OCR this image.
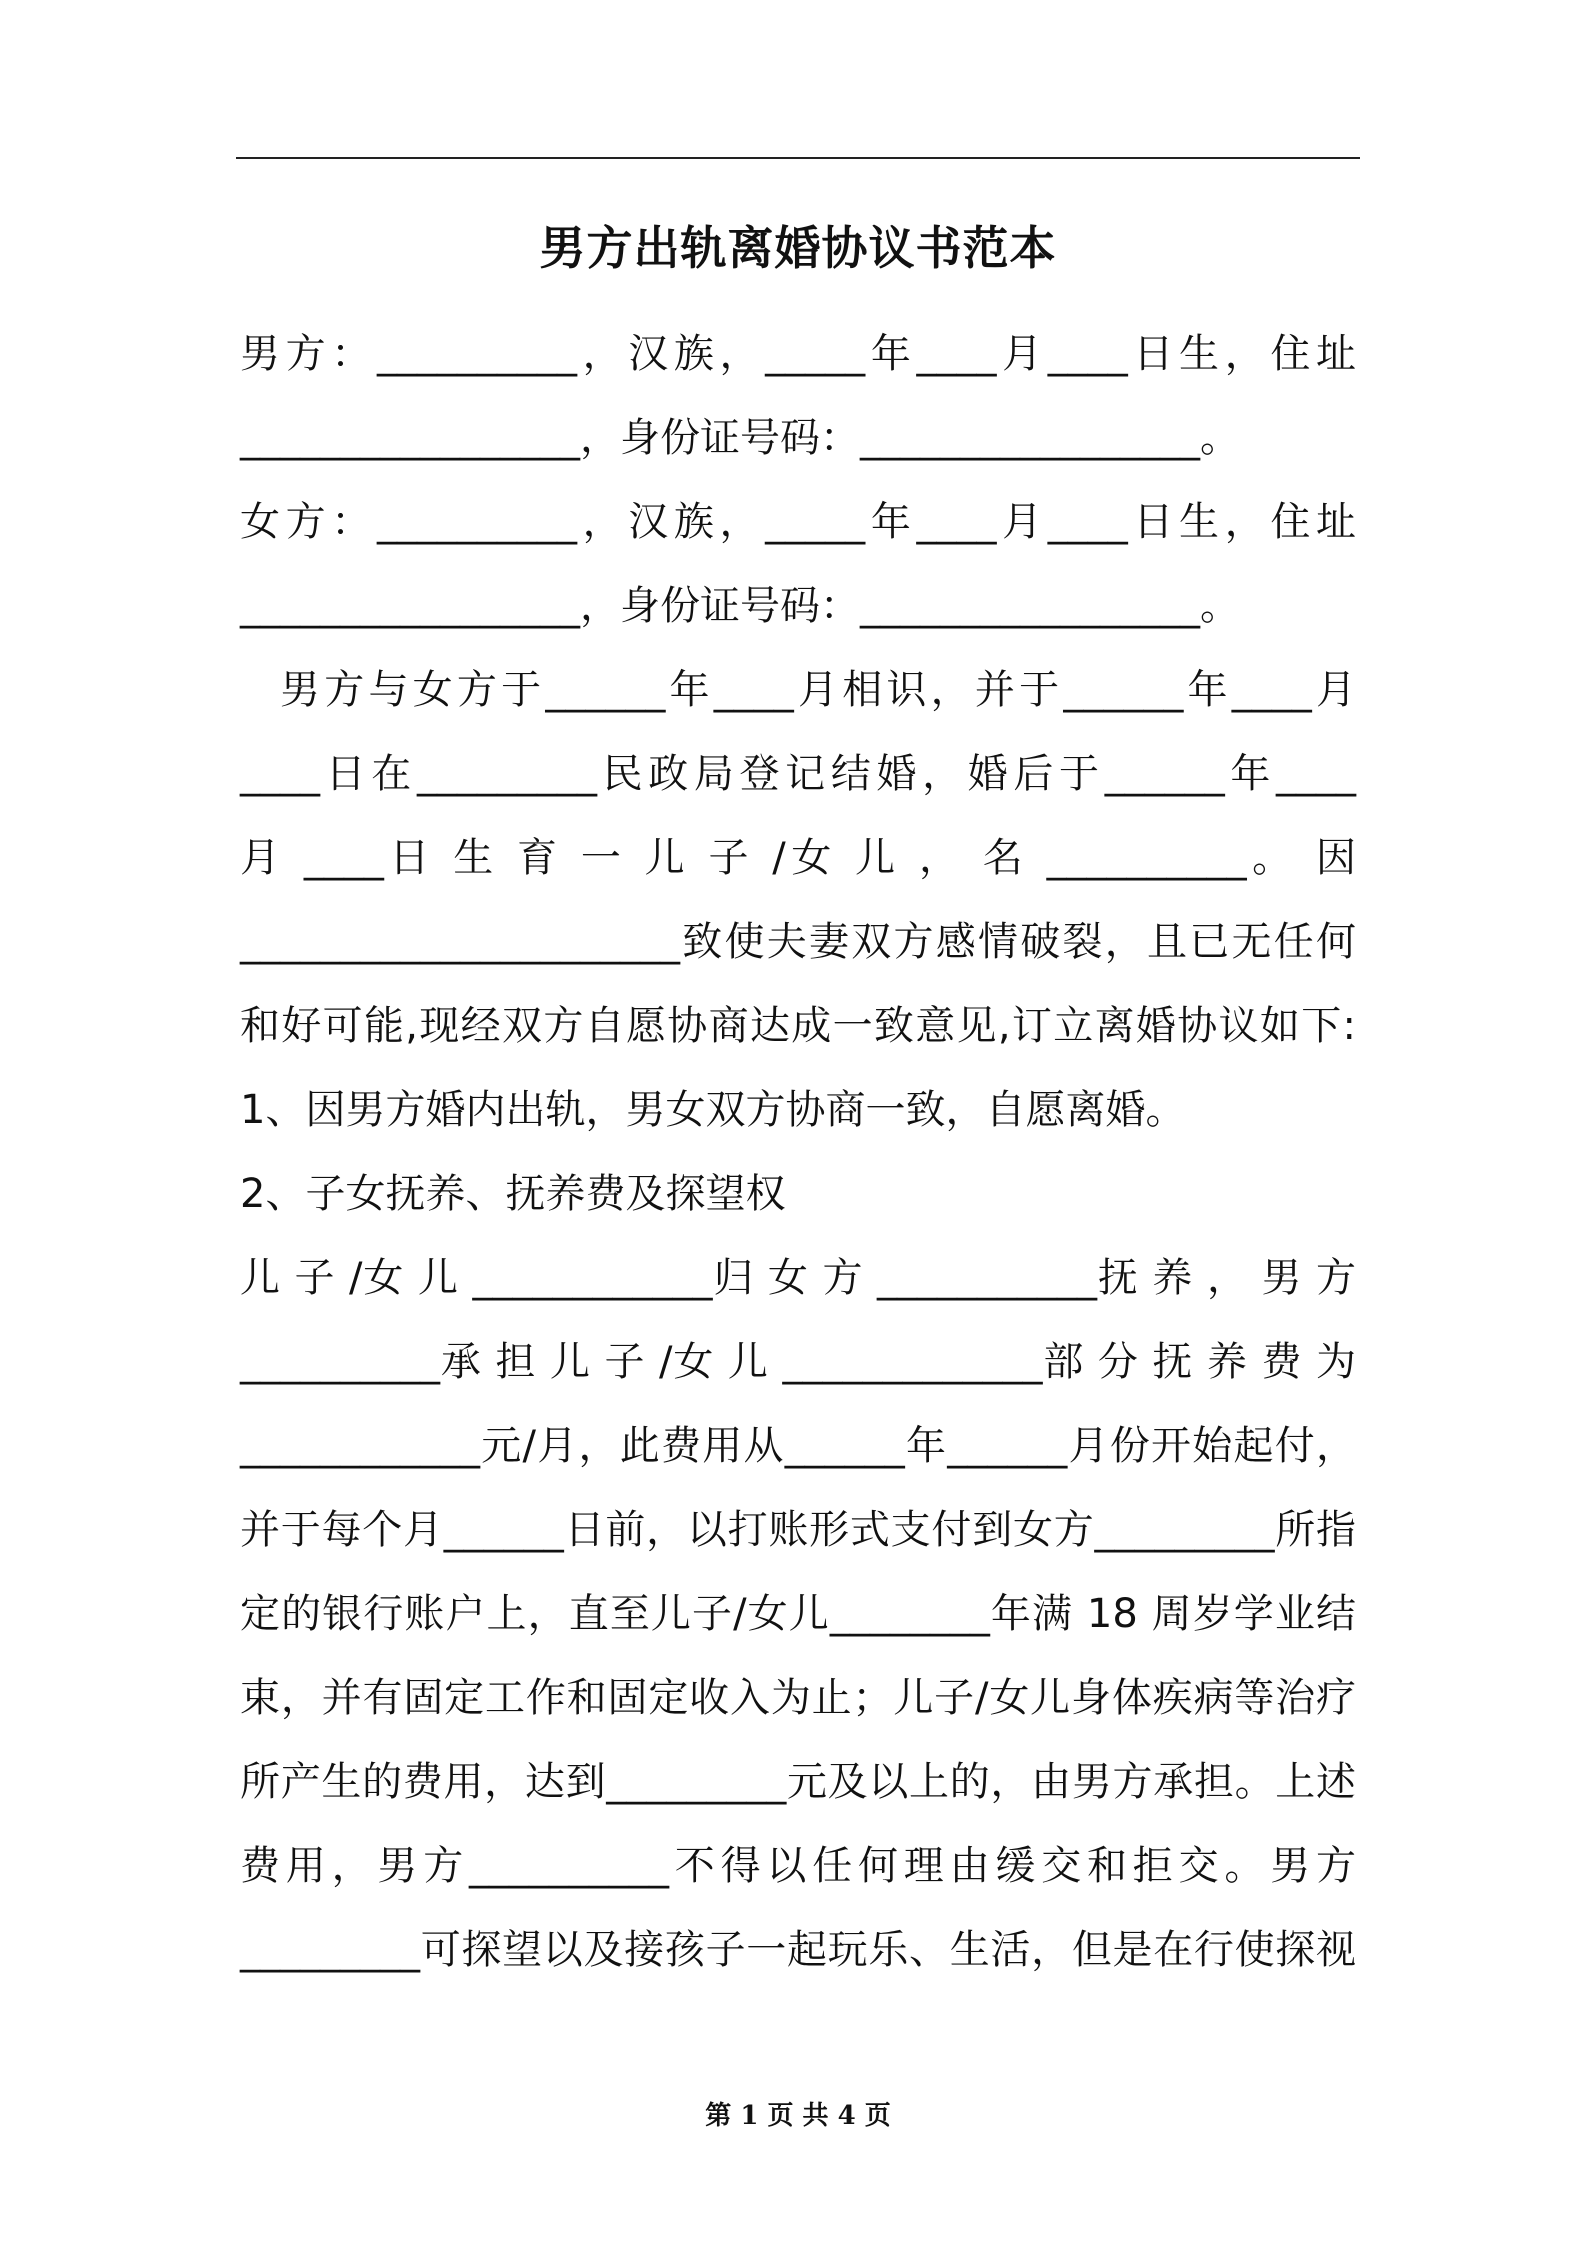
男方出轨离婚协议书范本
男方：__________，汉族，_____年____月____日生，住址
_________________，身份证号码：_________________。
女方：__________，汉族，_____年____月____日生，住址
_________________，身份证号码：_________________。
男方与女方于______年____月相识，并于______年____月
____日在_________民政局登记结婚，婚后于______年____
月 ____日 生 育 一 儿 子 /女 儿 ， 名 __________。 因
______________________致使夫妻双方感情破裂，且已无任何
和好可能,现经双方自愿协商达成一致意见,订立离婚协议如下:
1、因男方婚内出轨，男女双方协商一致，自愿离婚。
2、子女抚养、抚养费及探望权
儿 子 /女 儿 ____________归 女 方 ___________抚 养 ， 男 方
__________承 担 儿 子 /女 儿 _____________部 分 抚 养 费 为
____________元/月，此费用从______年______月份开始起付，
并于每个月______日前，以打账形式支付到女方_________所指
定的银行账户上，直至儿子/女儿________年满 18 周岁学业结
束，并有固定工作和固定收入为止；儿子/女儿身体疾病等治疗
所产生的费用，达到_________元及以上的，由男方承担。上述
费用，男方__________不得以任何理由缓交和拒交。男方
_________可探望以及接孩子一起玩乐、生活，但是在行使探视
第 1 页 共 4 页
